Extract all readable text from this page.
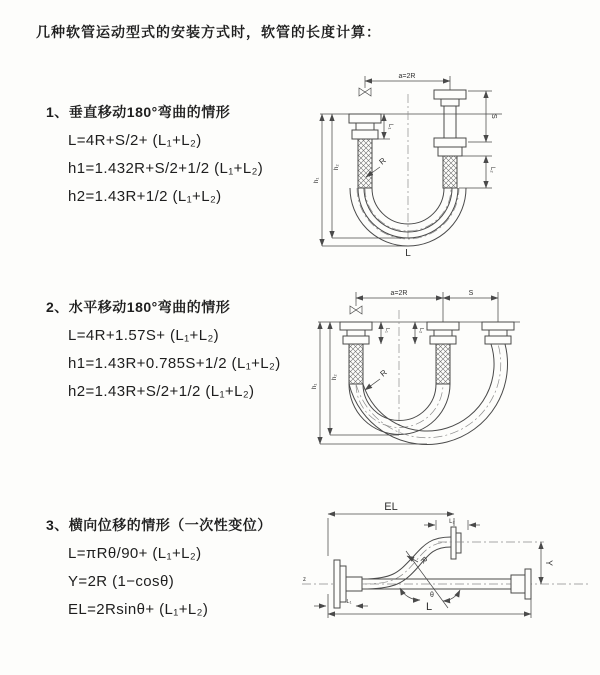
几种软管运动型式的安装方式时，软管的长度计算：
1、垂直移动180°弯曲的情形
L=4R+S/2+ (L₁+L₂)
h1=1.432R+S/2+1/2 (L₁+L₂)
h2=1.43R+1/2 (L₁+L₂)
a=2R
L₁
S
L₂
R
h₁
h₂
L
2、水平移动180°弯曲的情形
L=4R+1.57S+ (L₁+L₂)
h1=1.43R+0.785S+1/2 (L₁+L₂)
h2=1.43R+S/2+1/2 (L₁+L₂)
a=2R	S
L₁	L₂
R
h₁
h₂
3、横向位移的情形（一次性变位）
L=πRθ/90+ (L₁+L₂)
Y=2R (1−cosθ)
EL=2Rsinθ+ (L₁+L₂)
z
EL
L₂
R
θ
Y
L₁	L
